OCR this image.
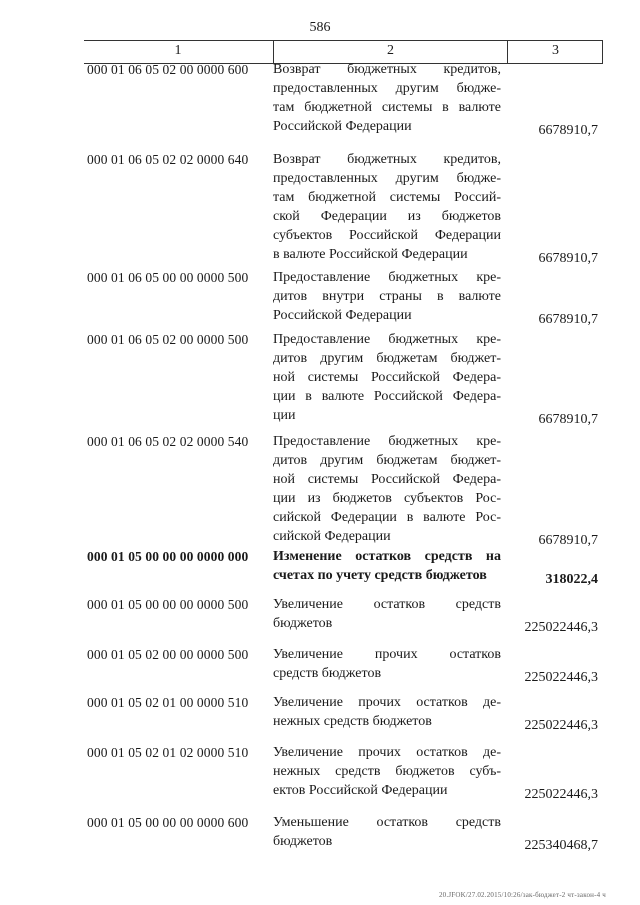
586
1	2	3
000 01 06 05 02 00 0000 600 Возврат бюджетных кредитов,
предоставленных другим бюдже-
там бюджетной системы в валюте
Российской Федерации	6678910,7
000 01 06 05 02 02 0000 640 Возврат бюджетных кредитов,
предоставленных другим бюдже-
там бюджетной системы Россий-
ской Федерации из бюджетов
субъектов Российской Федерации
в валюте Российской Федерации	6678910,7
000 01 06 05 00 00 0000 500 Предоставление бюджетных кре-
дитов внутри страны в валюте
Российской Федерации	6678910,7
000 01 06 05 02 00 0000 500 Предоставление бюджетных кре-
дитов другим бюджетам бюджет-
ной системы Российской Федера-
ции в валюте Российской Федера-
ции	6678910,7
000 01 06 05 02 02 0000 540 Предоставление бюджетных кре-
дитов другим бюджетам бюджет-
ной системы Российской Федера-
ции из бюджетов субъектов Рос-
сийской Федерации в валюте Рос-
сийской Федерации	6678910,7
000 01 05 00 00 00 0000 000 Изменение остатков средств на
счетах по учету средств бюджетов	318022,4
000 01 05 00 00 00 0000 500 Увеличение остатков средств
бюджетов	225022446,3
000 01 05 02 00 00 0000 500 Увеличение прочих остатков
средств бюджетов	225022446,3
000 01 05 02 01 00 0000 510 Увеличение прочих остатков де-
нежных средств бюджетов	225022446,3
000 01 05 02 01 02 0000 510 Увеличение прочих остатков де-
нежных средств бюджетов субъ-
ектов Российской Федерации	225022446,3
000 01 05 00 00 00 0000 600 Уменьшение остатков средств
бюджетов	225340468,7
20.JFOK/27.02.2015/10:26/зак-бюджет-2 чт-закон-4 ч
